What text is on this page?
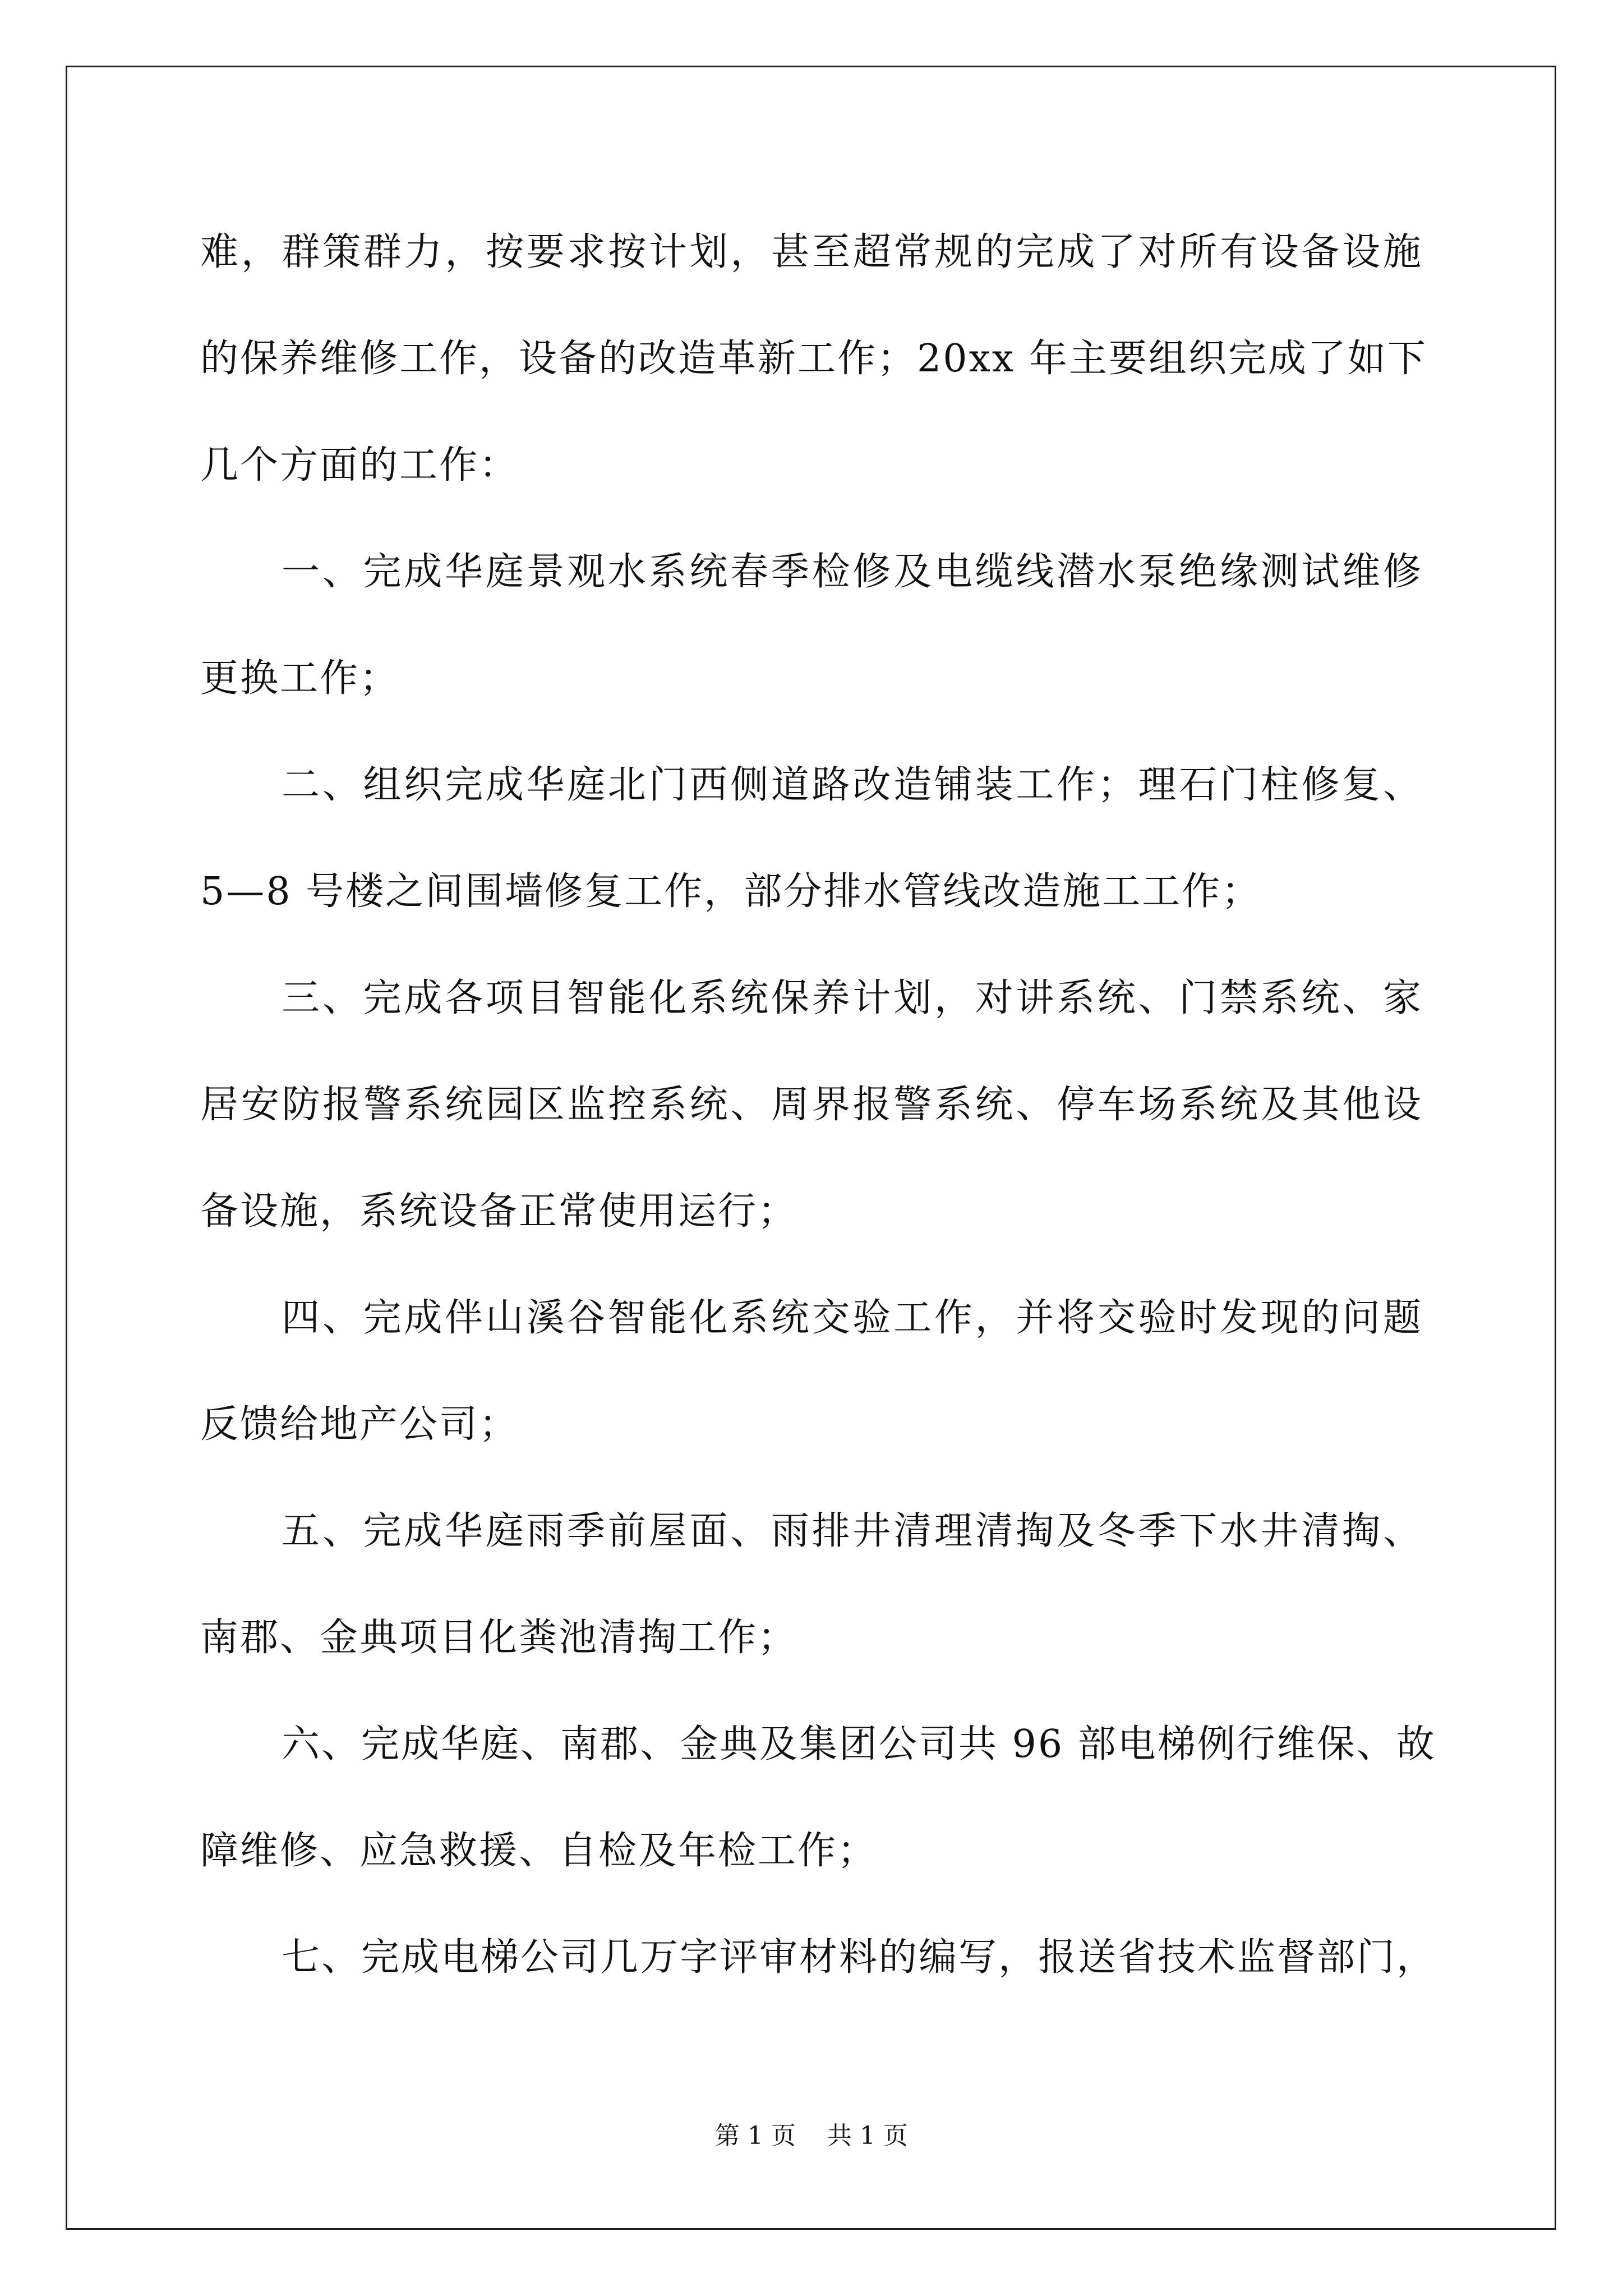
难，群策群力，按要求按计划，甚至超常规的完成了对所有设备设施
的保养维修工作，设备的改造革新工作；20xx 年主要组织完成了如下
几个方面的工作：
一、完成华庭景观水系统春季检修及电缆线潜水泵绝缘测试维修
更换工作；
二、组织完成华庭北门西侧道路改造铺装工作；理石门柱修复、
5—8 号楼之间围墙修复工作，部分排水管线改造施工工作；
三、完成各项目智能化系统保养计划，对讲系统、门禁系统、家
居安防报警系统园区监控系统、周界报警系统、停车场系统及其他设
备设施，系统设备正常使用运行；
四、完成伴山溪谷智能化系统交验工作，并将交验时发现的问题
反馈给地产公司；
五、完成华庭雨季前屋面、雨排井清理清掏及冬季下水井清掏、
南郡、金典项目化粪池清掏工作；
六、完成华庭、南郡、金典及集团公司共 96 部电梯例行维保、故
障维修、应急救援、自检及年检工作；
七、完成电梯公司几万字评审材料的编写，报送省技术监督部门，
第 1 页    共 1 页
